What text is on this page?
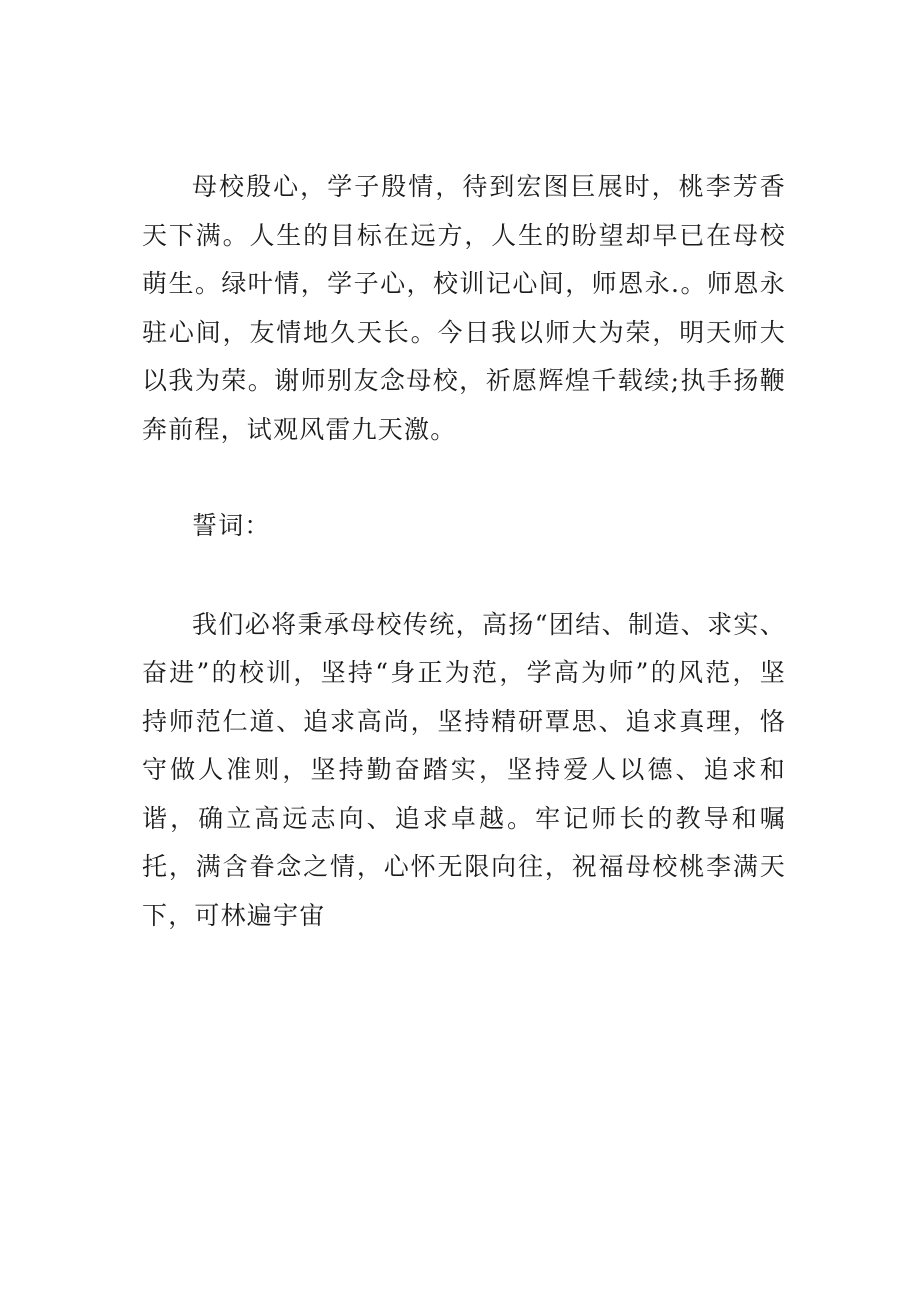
母校殷心，学子殷情，待到宏图巨展时，桃李芳香天下满。人生的目标在远方，人生的盼望却早已在母校萌生。绿叶情，学子心，校训记心间，师恩永.。师恩永驻心间，友情地久天长。今日我以师大为荣，明天师大以我为荣。谢师别友念母校，祈愿辉煌千载续;执手扬鞭奔前程，试观风雷九天激。

誓词：

我们必将秉承母校传统，高扬“团结、制造、求实、奋进”的校训，坚持“身正为范，学高为师”的风范，坚持师范仁道、追求高尚，坚持精研覃思、追求真理，恪守做人准则，坚持勤奋踏实，坚持爱人以德、追求和谐，确立高远志向、追求卓越。牢记师长的教导和嘱托，满含眷念之情，心怀无限向往，祝福母校桃李满天下，可林遍宇宙
